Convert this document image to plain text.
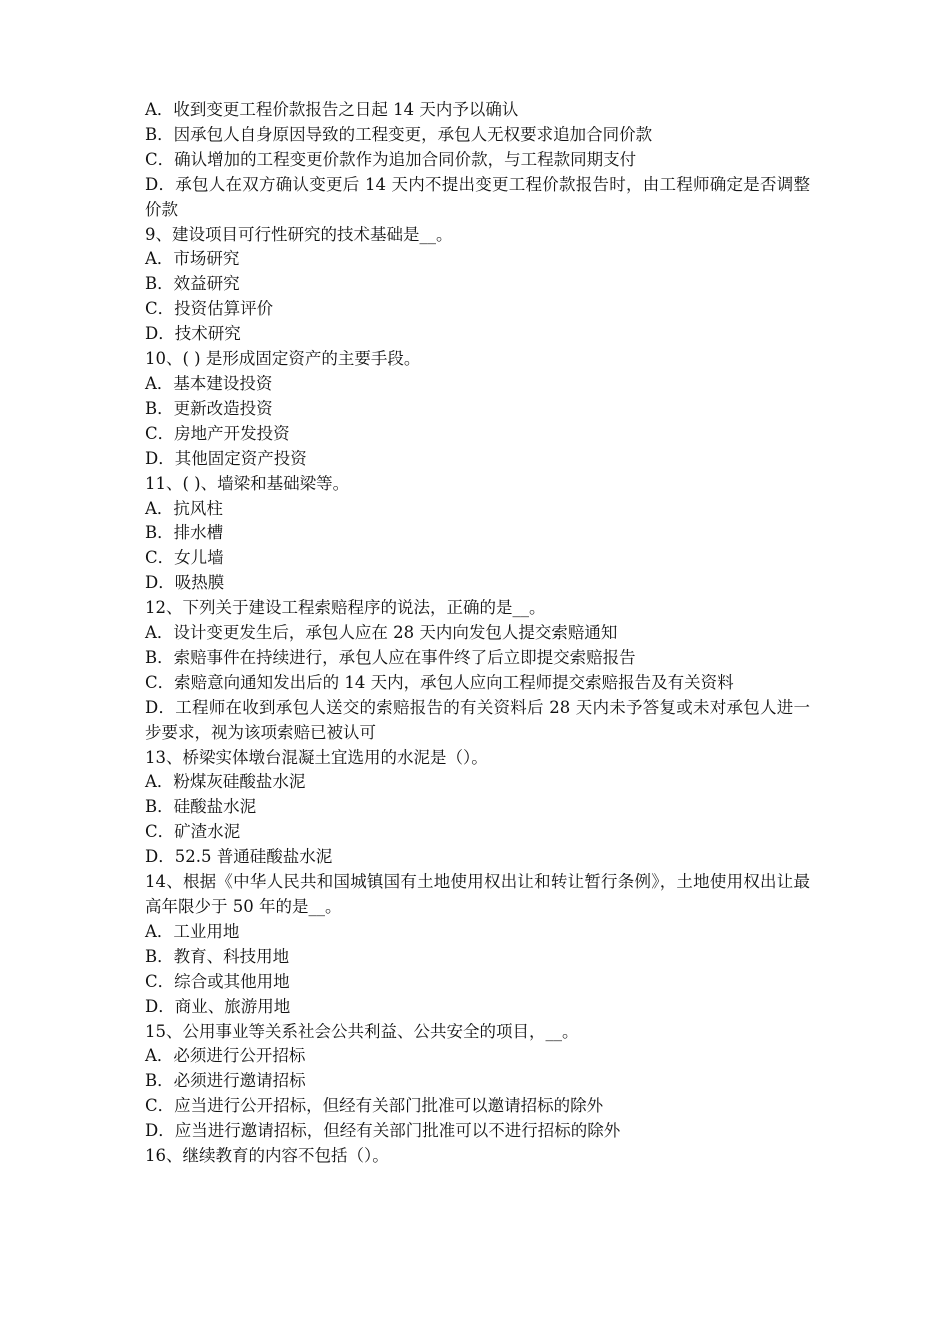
A．收到变更工程价款报告之日起 14 天内予以确认

B．因承包人自身原因导致的工程变更，承包人无权要求追加合同价款

C．确认增加的工程变更价款作为追加合同价款，与工程款同期支付

D．承包人在双方确认变更后 14 天内不提出变更工程价款报告时，由工程师确定是否调整价款

9、建设项目可行性研究的技术基础是__。

A．市场研究

B．效益研究

C．投资估算评价

D．技术研究

10、( ) 是形成固定资产的主要手段。

A．基本建设投资

B．更新改造投资

C．房地产开发投资

D．其他固定资产投资

11、( )、墙梁和基础梁等。

A．抗风柱

B．排水槽

C．女儿墙

D．吸热膜

12、下列关于建设工程索赔程序的说法，正确的是__。

A．设计变更发生后，承包人应在 28 天内向发包人提交索赔通知

B．索赔事件在持续进行，承包人应在事件终了后立即提交索赔报告

C．索赔意向通知发出后的 14 天内，承包人应向工程师提交索赔报告及有关资料

D．工程师在收到承包人送交的索赔报告的有关资料后 28 天内未予答复或未对承包人进一步要求，视为该项索赔已被认可

13、桥梁实体墩台混凝土宜选用的水泥是（）。

A．粉煤灰硅酸盐水泥

B．硅酸盐水泥

C．矿渣水泥

D．52.5 普通硅酸盐水泥

14、根据《中华人民共和国城镇国有土地使用权出让和转让暂行条例》，土地使用权出让最高年限少于 50 年的是__。

A．工业用地

B．教育、科技用地

C．综合或其他用地

D．商业、旅游用地

15、公用事业等关系社会公共利益、公共安全的项目，__。

A．必须进行公开招标

B．必须进行邀请招标

C．应当进行公开招标，但经有关部门批准可以邀请招标的除外

D．应当进行邀请招标，但经有关部门批准可以不进行招标的除外

16、继续教育的内容不包括（）。
